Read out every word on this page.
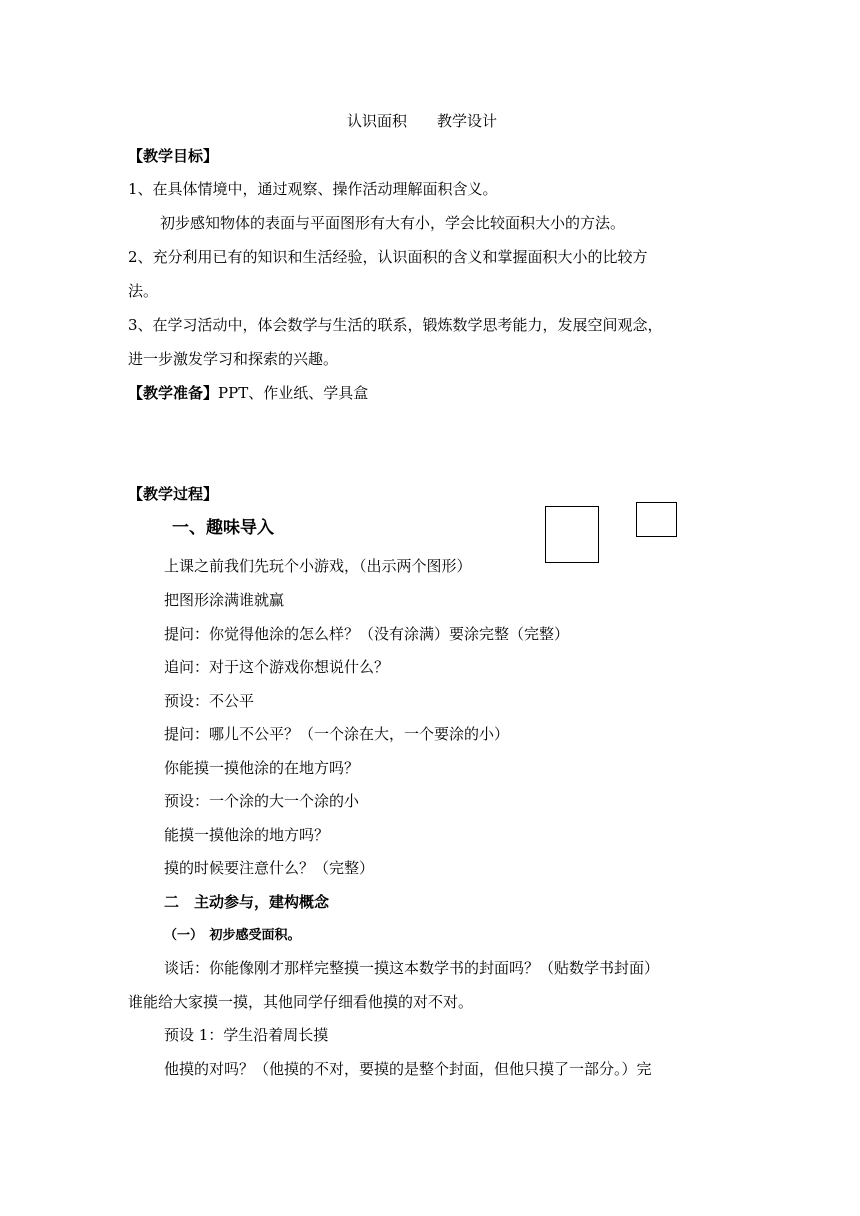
认识面积　　教学设计
【教学目标】
1、在具体情境中，通过观察、操作活动理解面积含义。
初步感知物体的表面与平面图形有大有小，学会比较面积大小的方法。
2、充分利用已有的知识和生活经验，认识面积的含义和掌握面积大小的比较方
法。
3、在学习活动中，体会数学与生活的联系，锻炼数学思考能力，发展空间观念，
进一步激发学习和探索的兴趣。
【教学准备】PPT、作业纸、学具盒
【教学过程】
一、趣味导入
上课之前我们先玩个小游戏，（出示两个图形）
把图形涂满谁就赢
提问：你觉得他涂的怎么样？（没有涂满）要涂完整（完整）
追问：对于这个游戏你想说什么？
预设：不公平
提问：哪儿不公平？（一个涂在大，一个要涂的小）
你能摸一摸他涂的在地方吗？
预设：一个涂的大一个涂的小
能摸一摸他涂的地方吗？
摸的时候要注意什么？（完整）
二　主动参与，建构概念
（一）　初步感受面积。
谈话：你能像刚才那样完整摸一摸这本数学书的封面吗？（贴数学书封面）
谁能给大家摸一摸，其他同学仔细看他摸的对不对。
预设 1：学生沿着周长摸
他摸的对吗？（他摸的不对，要摸的是整个封面，但他只摸了一部分。）完
